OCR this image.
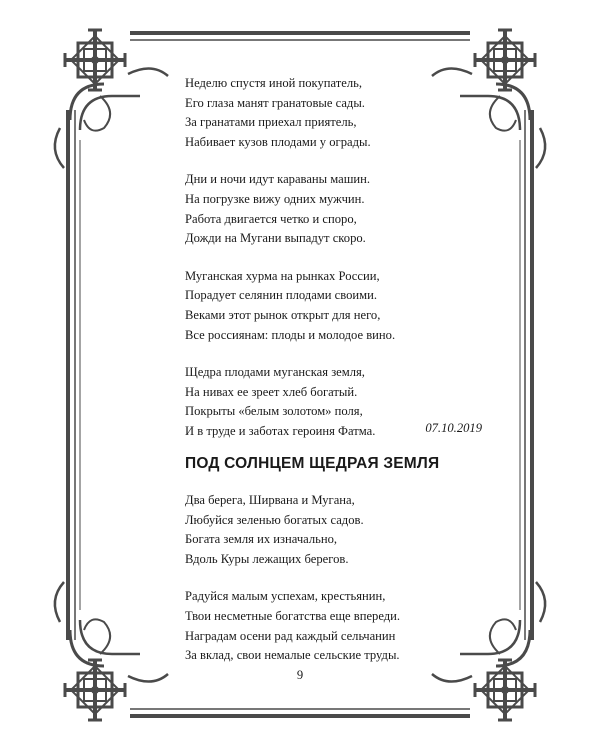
Неделю спустя иной покупатель,
Его глаза манят гранатовые сады.
За гранатами приехал приятель,
Набивает кузов плодами у ограды.
Дни и ночи идут караваны машин.
На погрузке вижу одних мужчин.
Работа двигается четко и споро,
Дожди на Мугани выпадут скоро.
Муганская хурма на рынках России,
Порадует селянин плодами своими.
Веками этот рынок открыт для него,
Все россиянам: плоды и молодое вино.
Щедра плодами муганская земля,
На нивах ее зреет хлеб богатый.
Покрыты «белым золотом» поля,
И в труде и заботах героиня Фатма.	07.10.2019
ПОД СОЛНЦЕМ ЩЕДРАЯ ЗЕМЛЯ
Два берега, Ширвана и Мугана,
Любуйся зеленью богатых садов.
Богата земля их изначально,
Вдоль Куры лежащих берегов.
Радуйся малым успехам, крестьянин,
Твои несметные богатства еще впереди.
Наградам осени рад каждый сельчанин
За вклад, свои немалые сельские труды.
9
